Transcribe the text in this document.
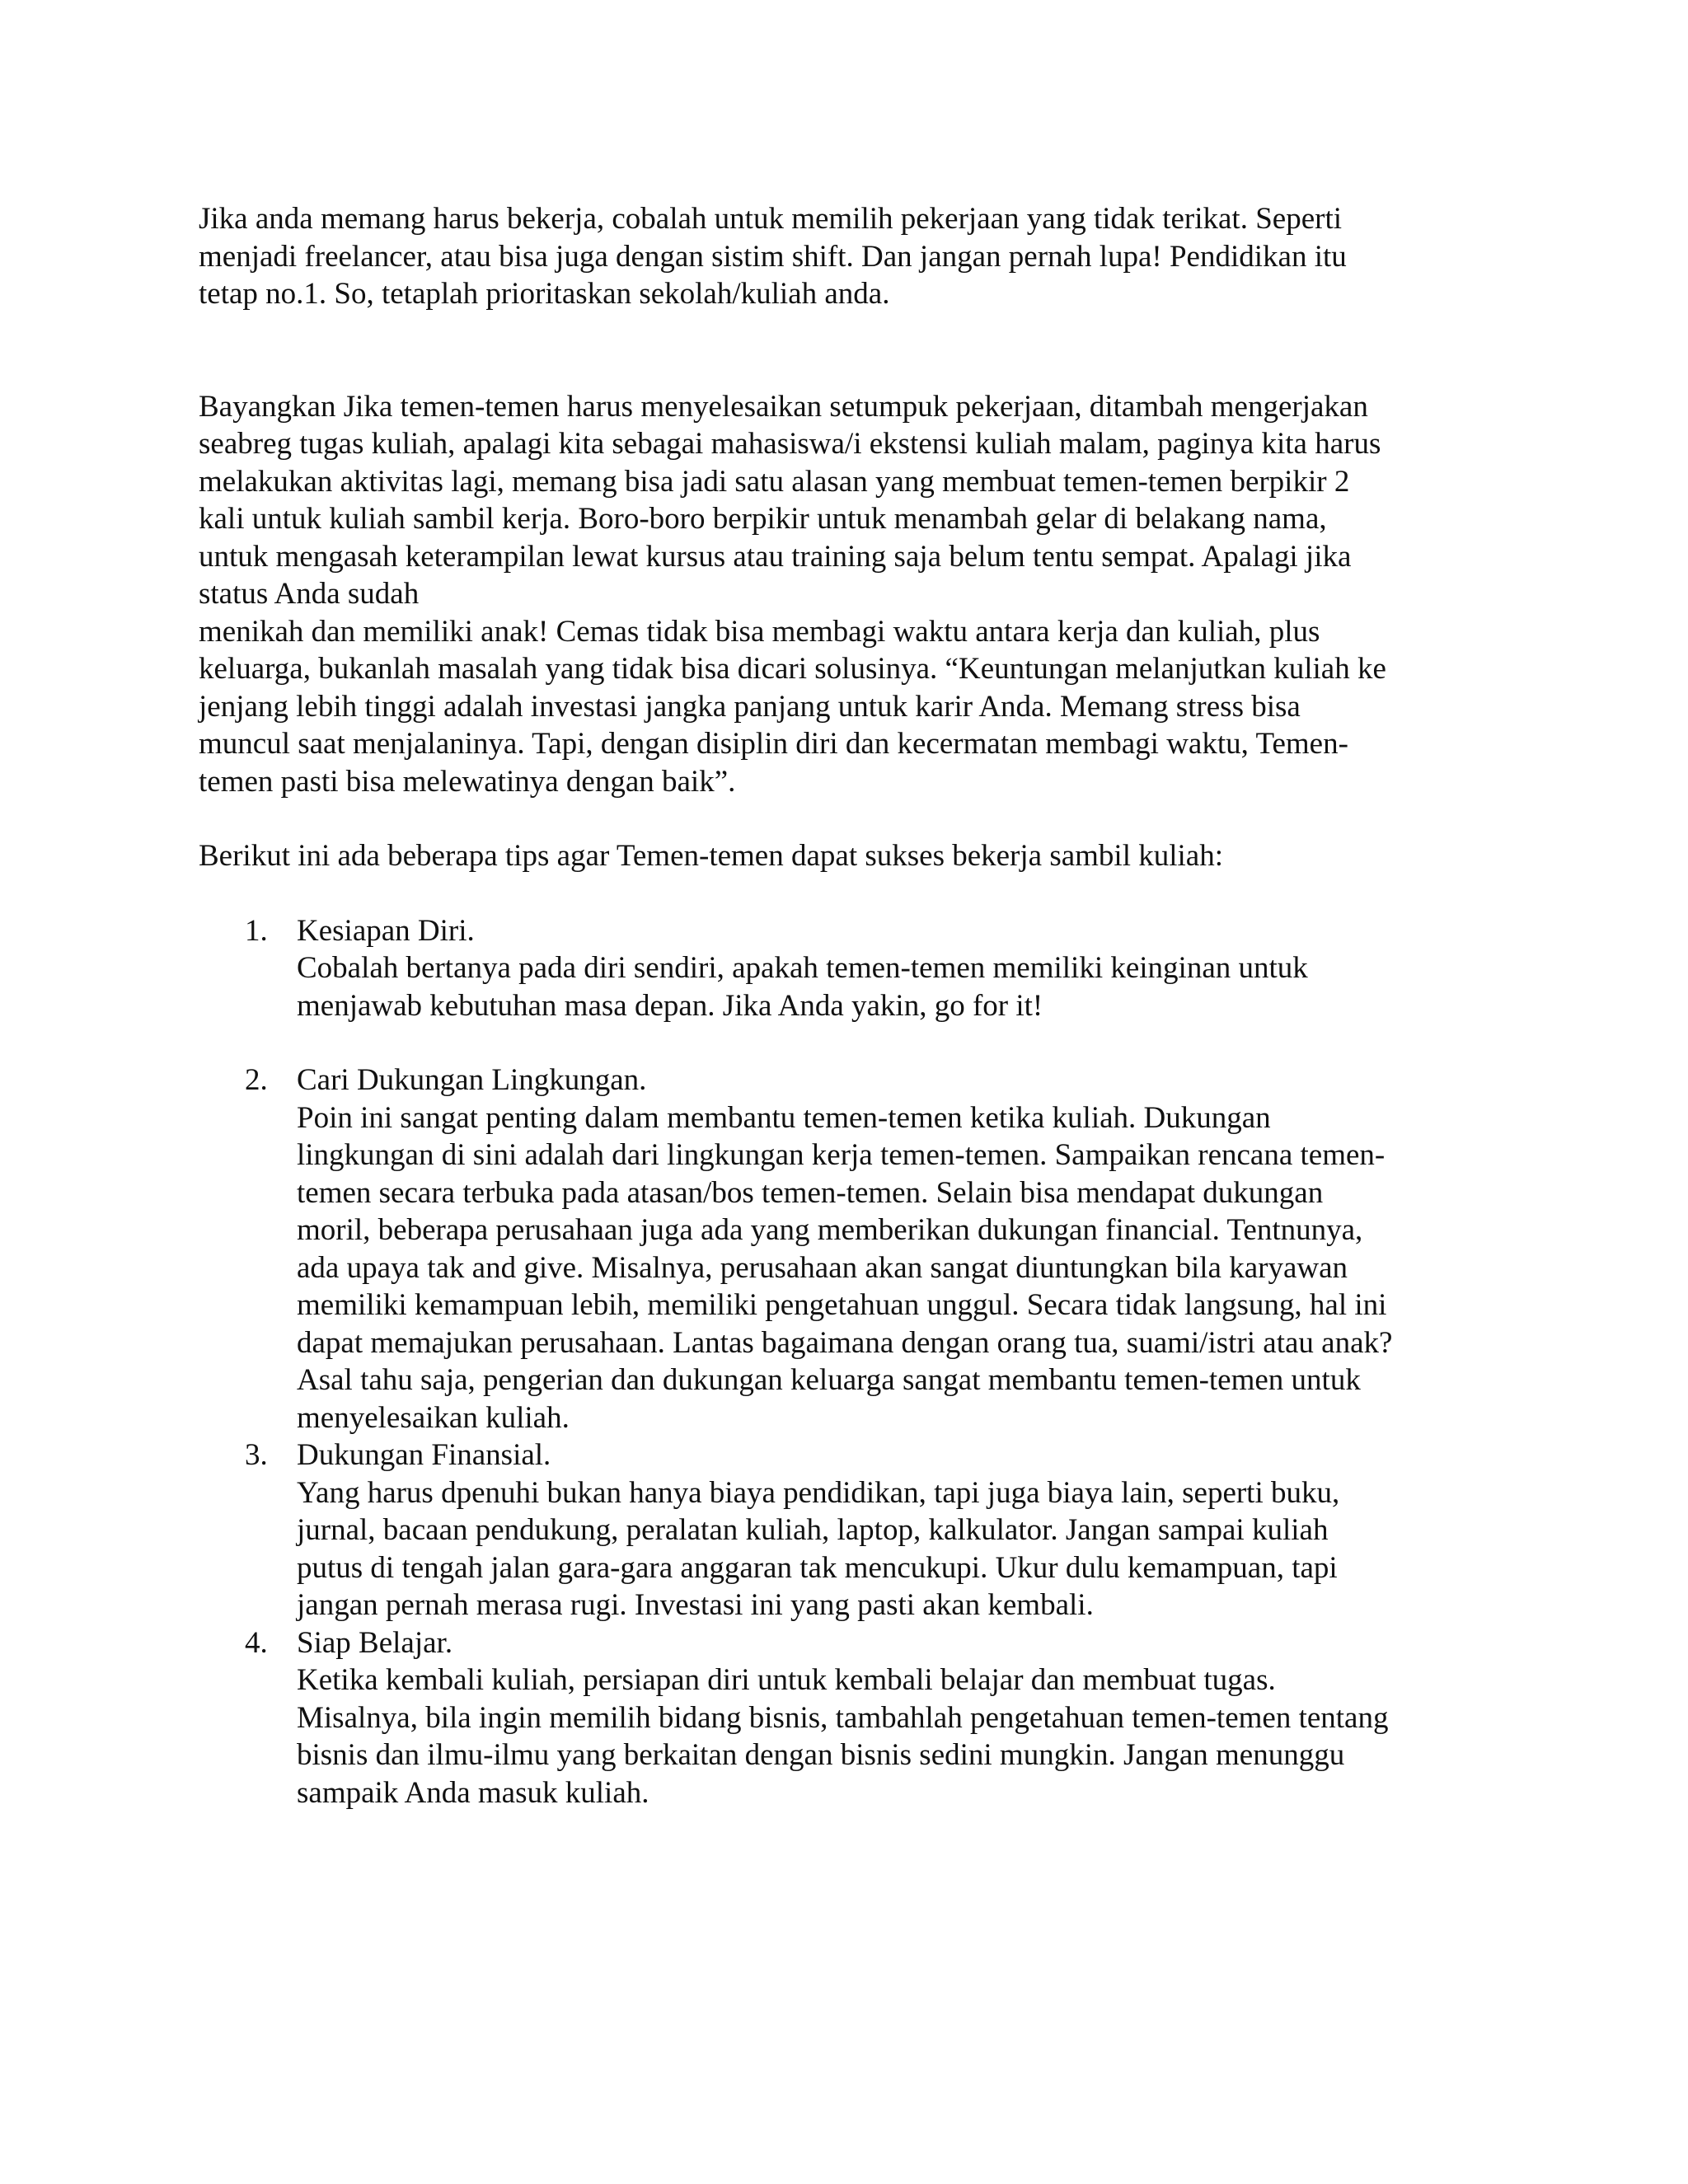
Jika anda memang harus bekerja, cobalah untuk memilih pekerjaan yang tidak terikat. Seperti
menjadi freelancer, atau bisa juga dengan sistim shift. Dan jangan pernah lupa! Pendidikan itu
tetap no.1. So, tetaplah prioritaskan sekolah/kuliah anda.

Bayangkan Jika temen-temen harus menyelesaikan setumpuk pekerjaan, ditambah mengerjakan
seabreg tugas kuliah, apalagi kita sebagai mahasiswa/i ekstensi kuliah malam, paginya kita harus
melakukan aktivitas lagi, memang bisa jadi satu alasan yang membuat temen-temen berpikir 2
kali untuk kuliah sambil kerja. Boro-boro berpikir untuk menambah gelar di belakang nama,
untuk mengasah keterampilan lewat kursus atau training saja belum tentu sempat. Apalagi jika
status Anda sudah

menikah dan memiliki anak! Cemas tidak bisa membagi waktu antara kerja dan kuliah, plus
keluarga, bukanlah masalah yang tidak bisa dicari solusinya. “Keuntungan melanjutkan kuliah ke
jenjang lebih tinggi adalah investasi jangka panjang untuk karir Anda. Memang stress bisa
muncul saat menjalaninya. Tapi, dengan disiplin diri dan kecermatan membagi waktu, Temen-
temen pasti bisa melewatinya dengan baik”.

Berikut ini ada beberapa tips agar Temen-temen dapat sukses bekerja sambil kuliah:

1. Kesiapan Diri.
Cobalah bertanya pada diri sendiri, apakah temen-temen memiliki keinginan untuk
menjawab kebutuhan masa depan. Jika Anda yakin, go for it!
2. Cari Dukungan Lingkungan.
Poin ini sangat penting dalam membantu temen-temen ketika kuliah. Dukungan
lingkungan di sini adalah dari lingkungan kerja temen-temen. Sampaikan rencana temen-
temen secara terbuka pada atasan/bos temen-temen. Selain bisa mendapat dukungan
moril, beberapa perusahaan juga ada yang memberikan dukungan financial. Tentnunya,
ada upaya tak and give. Misalnya, perusahaan akan sangat diuntungkan bila karyawan
memiliki kemampuan lebih, memiliki pengetahuan unggul. Secara tidak langsung, hal ini
dapat memajukan perusahaan. Lantas bagaimana dengan orang tua, suami/istri atau anak?
Asal tahu saja, pengerian dan dukungan keluarga sangat membantu temen-temen untuk
menyelesaikan kuliah.
3. Dukungan Finansial.
Yang harus dpenuhi bukan hanya biaya pendidikan, tapi juga biaya lain, seperti buku,
jurnal, bacaan pendukung, peralatan kuliah, laptop, kalkulator. Jangan sampai kuliah
putus di tengah jalan gara-gara anggaran tak mencukupi. Ukur dulu kemampuan, tapi
jangan pernah merasa rugi. Investasi ini yang pasti akan kembali.
4. Siap Belajar.
Ketika kembali kuliah, persiapan diri untuk kembali belajar dan membuat tugas.
Misalnya, bila ingin memilih bidang bisnis, tambahlah pengetahuan temen-temen tentang
bisnis dan ilmu-ilmu yang berkaitan dengan bisnis sedini mungkin. Jangan menunggu
sampaik Anda masuk kuliah.
